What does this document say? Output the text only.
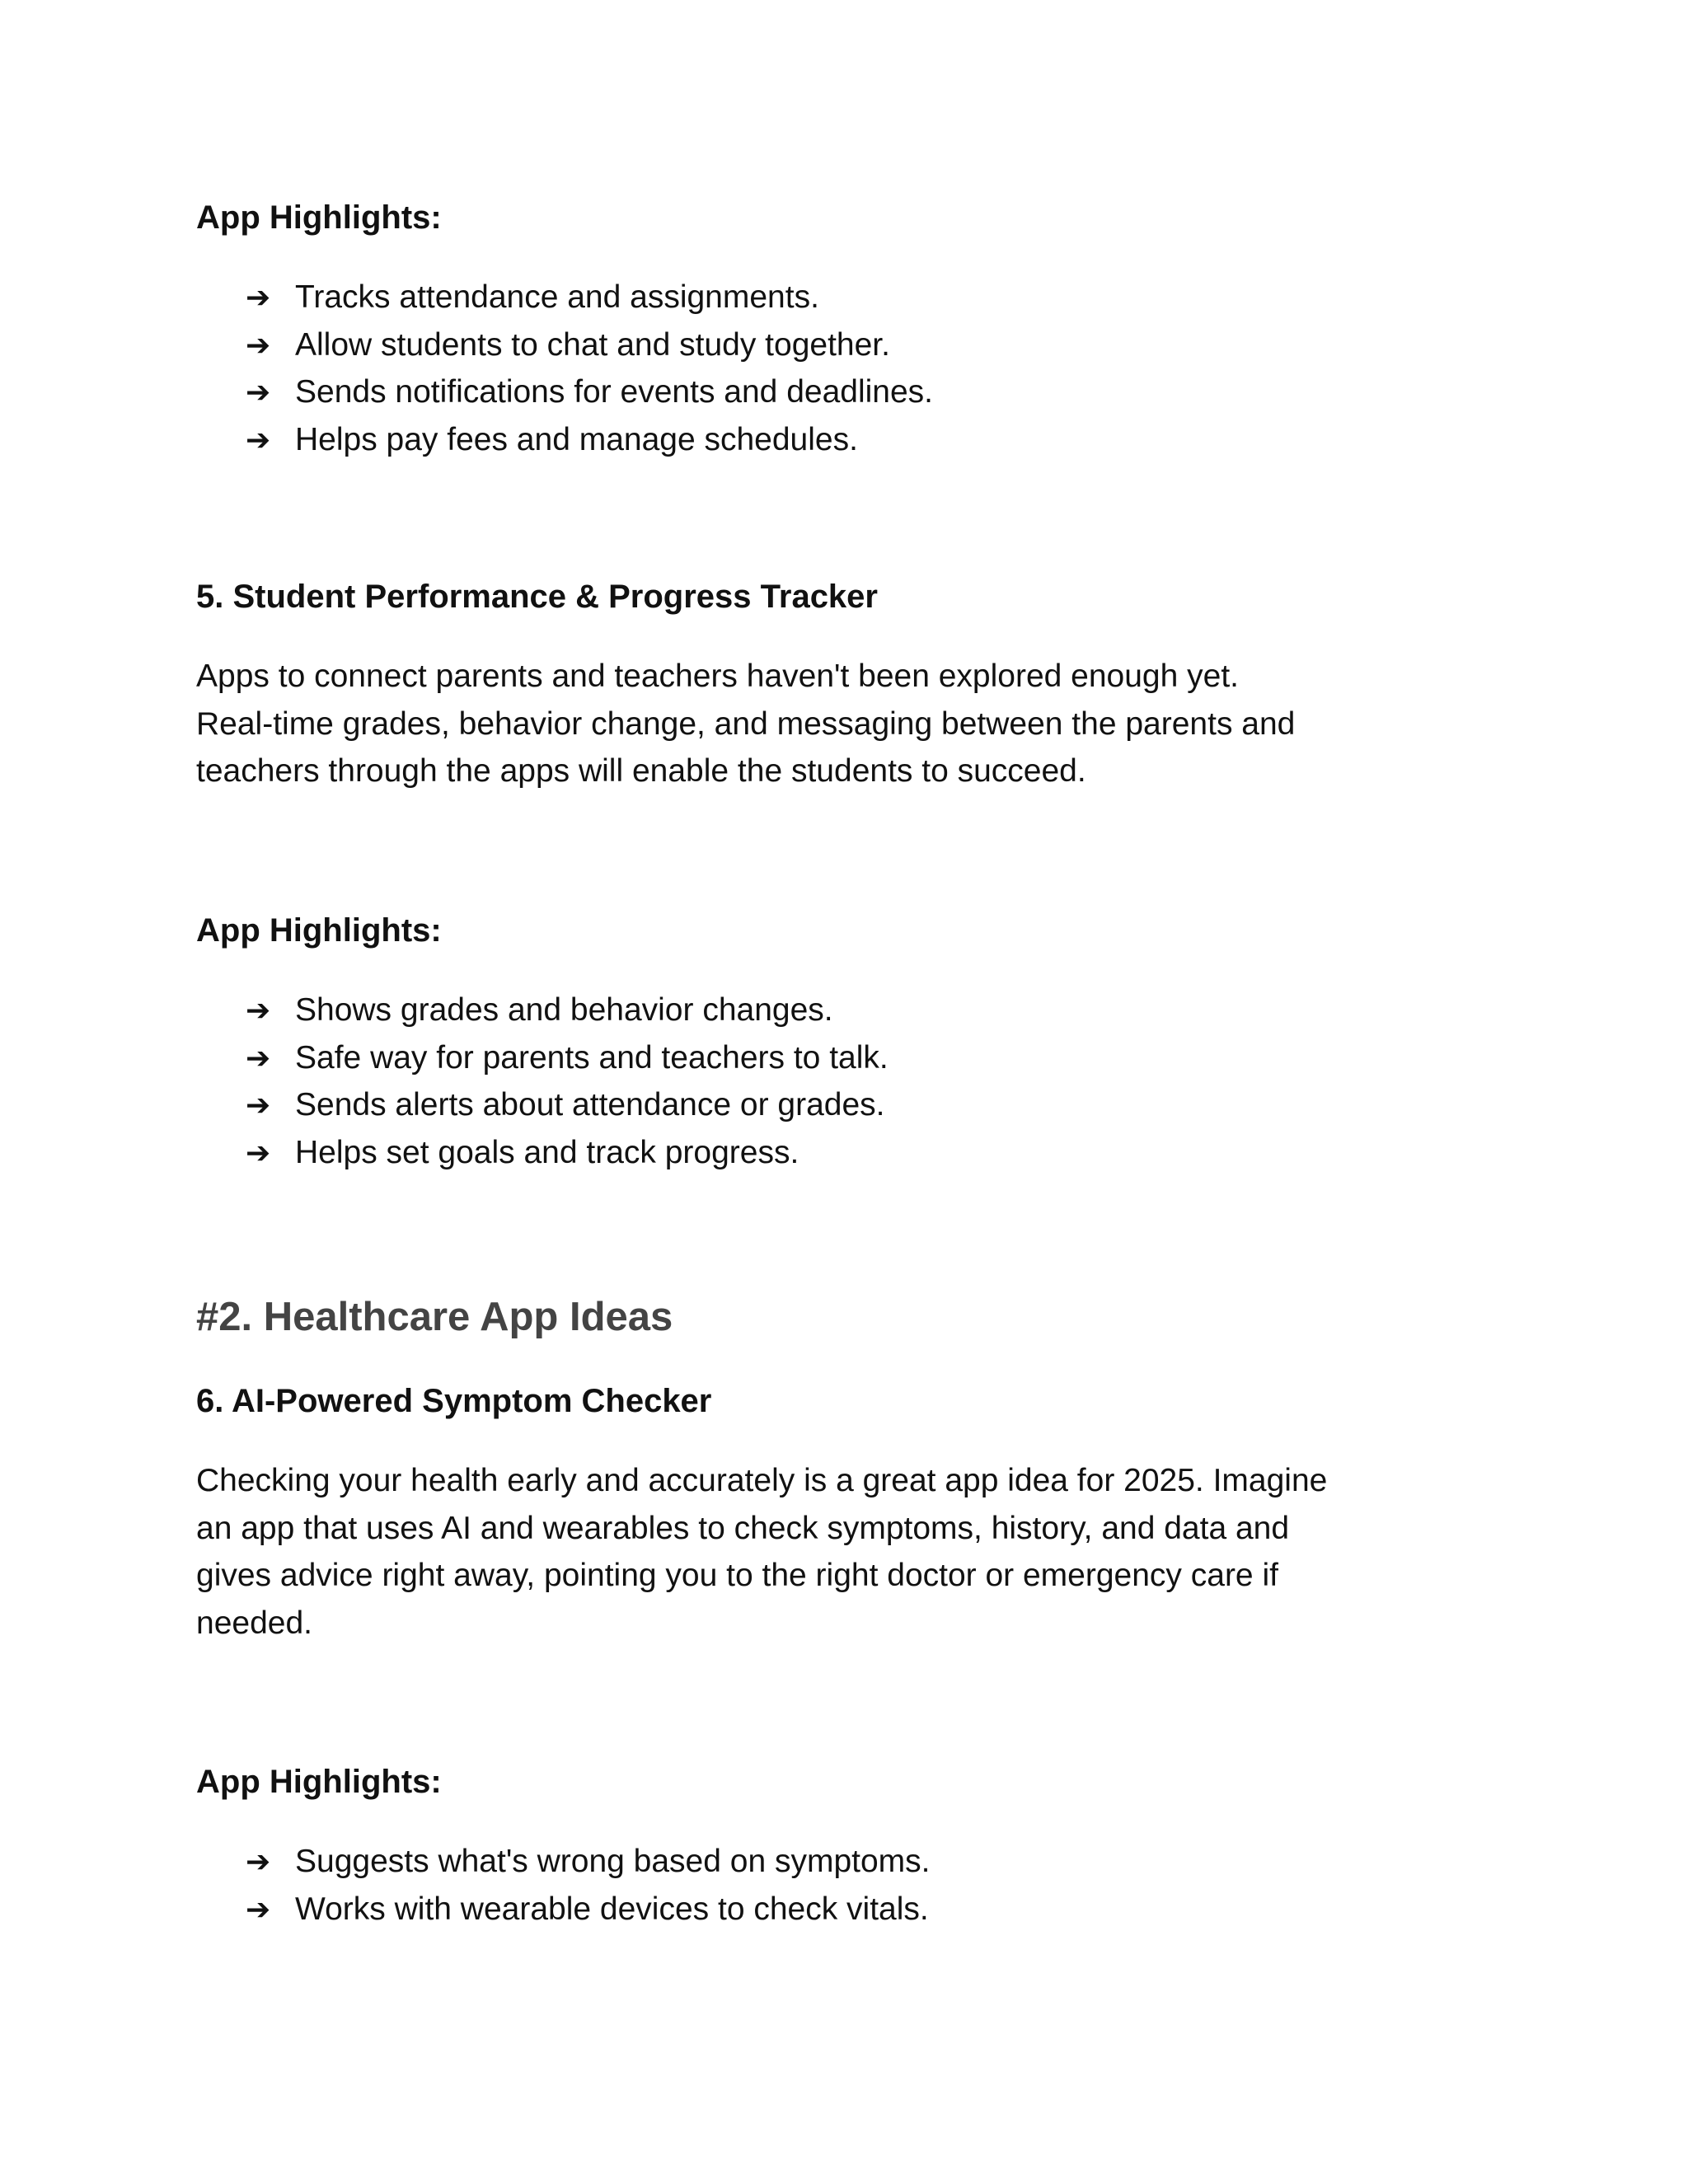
App Highlights:

➔ Tracks attendance and assignments.
➔ Allow students to chat and study together.
➔ Sends notifications for events and deadlines.
➔ Helps pay fees and manage schedules.

5. Student Performance & Progress Tracker

Apps to connect parents and teachers haven't been explored enough yet.

Real-time grades, behavior change, and messaging between the parents and

teachers through the apps will enable the students to succeed.

App Highlights:

➔ Shows grades and behavior changes.
➔ Safe way for parents and teachers to talk.
➔ Sends alerts about attendance or grades.
➔ Helps set goals and track progress.

#2. Healthcare App Ideas

6. AI-Powered Symptom Checker

Checking your health early and accurately is a great app idea for 2025. Imagine

an app that uses AI and wearables to check symptoms, history, and data and

gives advice right away, pointing you to the right doctor or emergency care if

needed.

App Highlights:

➔ Suggests what's wrong based on symptoms.
➔ Works with wearable devices to check vitals.
